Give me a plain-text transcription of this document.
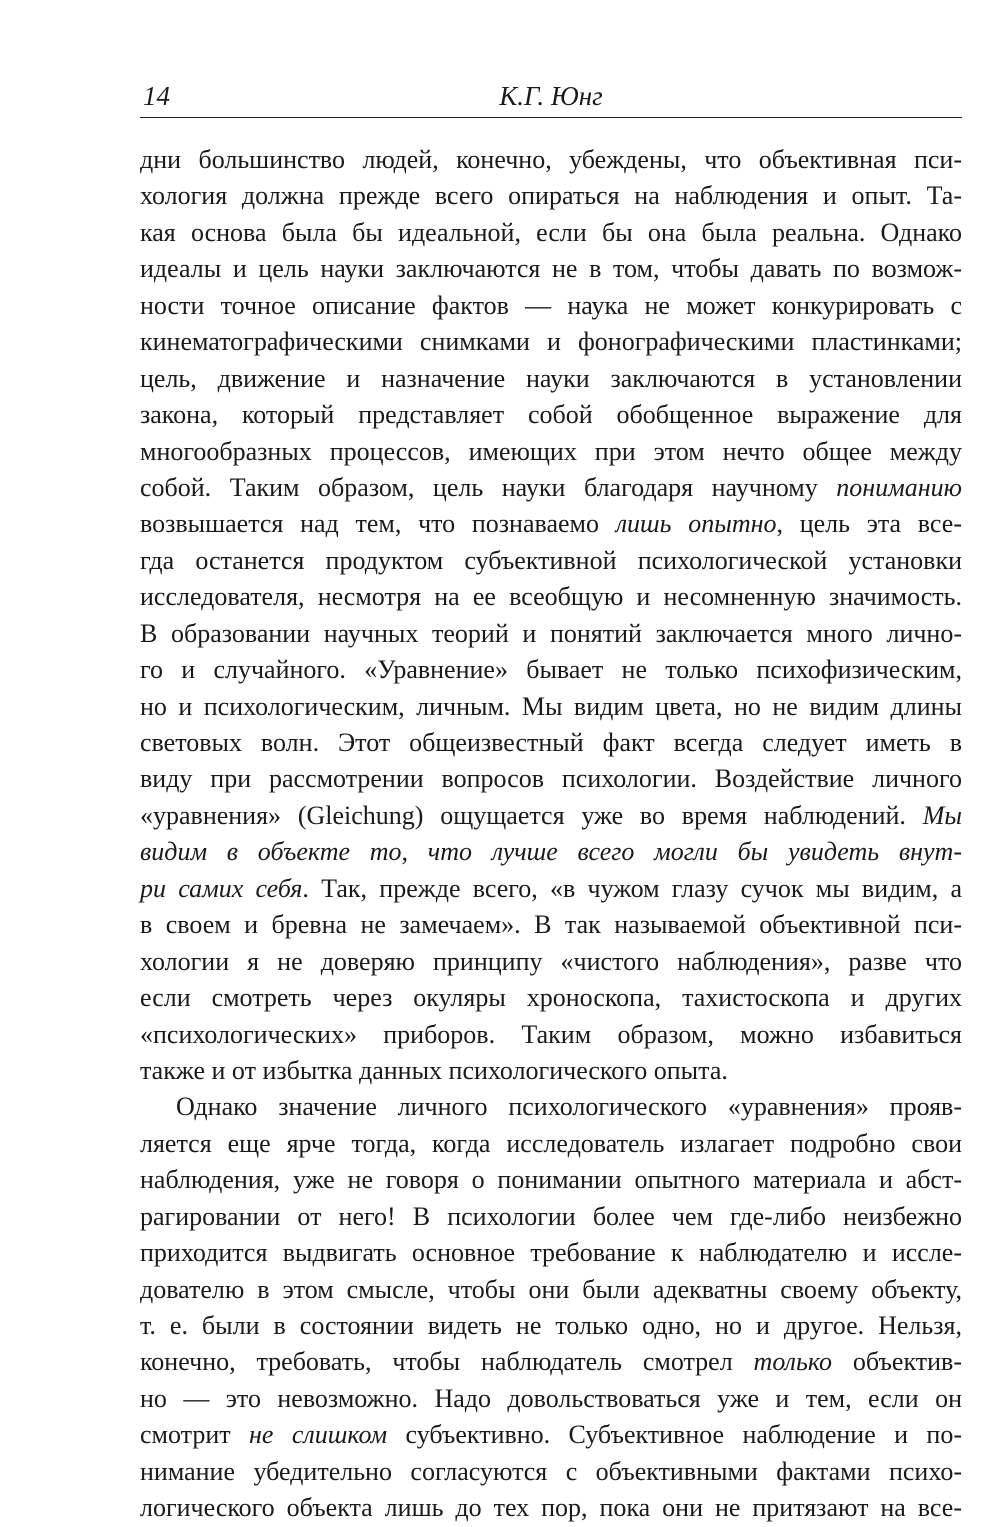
14	К.Г. Юнг
дни большинство людей, конечно, убеждены, что объективная пси-
хология должна прежде всего опираться на наблюдения и опыт. Та-
кая основа была бы идеальной, если бы она была реальна. Однако
идеалы и цель науки заключаются не в том, чтобы давать по возмож-
ности точное описание фактов — наука не может конкурировать с
кинематографическими снимками и фонографическими пластинками;
цель, движение и назначение науки заключаются в установлении
закона, который представляет собой обобщенное выражение для
многообразных процессов, имеющих при этом нечто общее между
собой. Таким образом, цель науки благодаря научному пониманию
возвышается над тем, что познаваемо лишь опытно, цель эта все-
гда останется продуктом субъективной психологической установки
исследователя, несмотря на ее всеобщую и несомненную значимость.
В образовании научных теорий и понятий заключается много лично-
го и случайного. «Уравнение» бывает не только психофизическим,
но и психологическим, личным. Мы видим цвета, но не видим длины
световых волн. Этот общеизвестный факт всегда следует иметь в
виду при рассмотрении вопросов психологии. Воздействие личного
«уравнения» (Gleichung) ощущается уже во время наблюдений. Мы
видим в объекте то, что лучше всего могли бы увидеть внут-
ри самих себя. Так, прежде всего, «в чужом глазу сучок мы видим, а
в своем и бревна не замечаем». В так называемой объективной пси-
хологии я не доверяю принципу «чистого наблюдения», разве что
если смотреть через окуляры хроноскопа, тахистоскопа и других
«психологических» приборов. Таким образом, можно избавиться
также и от избытка данных психологического опыта.
Однако значение личного психологического «уравнения» прояв-
ляется еще ярче тогда, когда исследователь излагает подробно свои
наблюдения, уже не говоря о понимании опытного материала и абст-
рагировании от него! В психологии более чем где-либо неизбежно
приходится выдвигать основное требование к наблюдателю и иссле-
дователю в этом смысле, чтобы они были адекватны своему объекту,
т. е. были в состоянии видеть не только одно, но и другое. Нельзя,
конечно, требовать, чтобы наблюдатель смотрел только объектив-
но — это невозможно. Надо довольствоваться уже и тем, если он
смотрит не слишком субъективно. Субъективное наблюдение и по-
нимание убедительно согласуются с объективными фактами психо-
логического объекта лишь до тех пор, пока они не притязают на все-
